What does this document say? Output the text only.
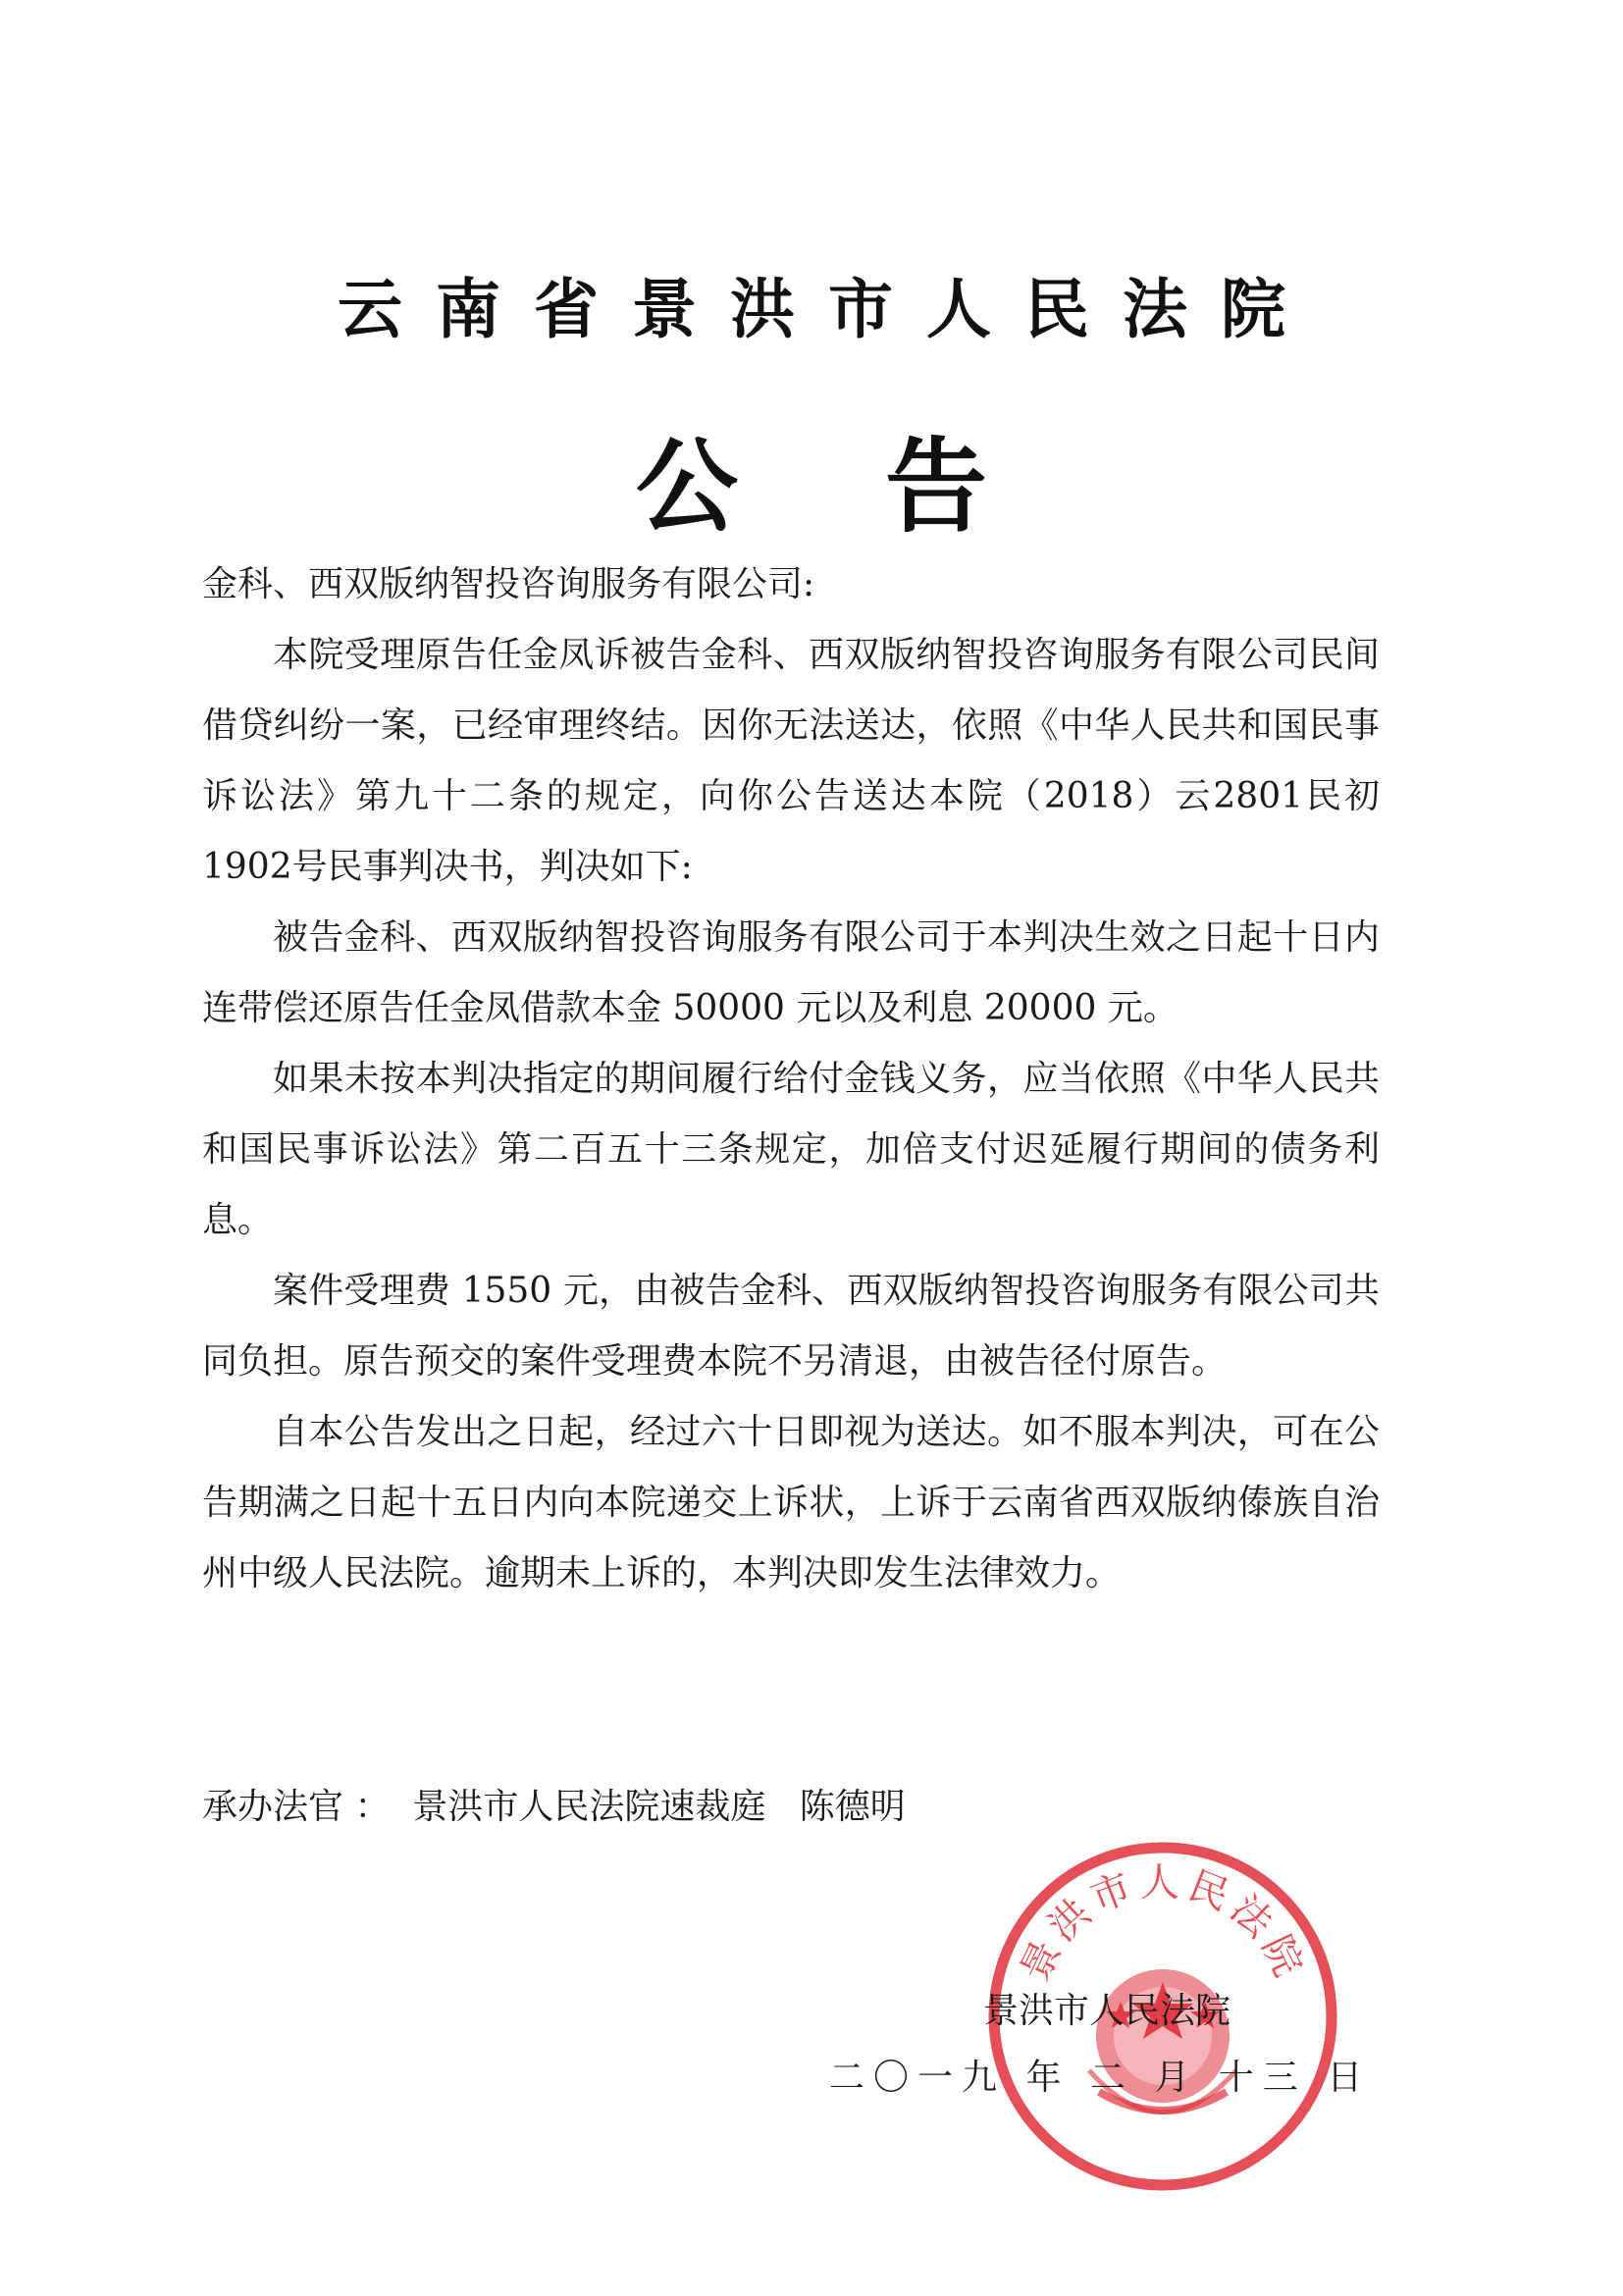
云南省景洪市人民法院
公告

金科、西双版纳智投咨询服务有限公司:

本院受理原告任金凤诉被告金科、西双版纳智投咨询服务有限公司民间借贷纠纷一案，已经审理终结。因你无法送达，依照《中华人民共和国民事诉讼法》第九十二条的规定，向你公告送达本院（2018）云2801民初1902号民事判决书，判决如下:

被告金科、西双版纳智投咨询服务有限公司于本判决生效之日起十日内连带偿还原告任金凤借款本金 50000 元以及利息 20000 元。

如果未按本判决指定的期间履行给付金钱义务，应当依照《中华人民共和国民事诉讼法》第二百五十三条规定，加倍支付迟延履行期间的债务利息。

案件受理费 1550 元，由被告金科、西双版纳智投咨询服务有限公司共同负担。原告预交的案件受理费本院不另清退，由被告径付原告。

自本公告发出之日起，经过六十日即视为送达。如不服本判决，可在公告期满之日起十五日内向本院递交上诉状，上诉于云南省西双版纳傣族自治州中级人民法院。逾期未上诉的，本判决即发生法律效力。

承办法官 ： 景洪市人民法院速裁庭 陈德明
景洪市人民法院
景洪市人民法院
二〇一九 年 二 月 十三 日
